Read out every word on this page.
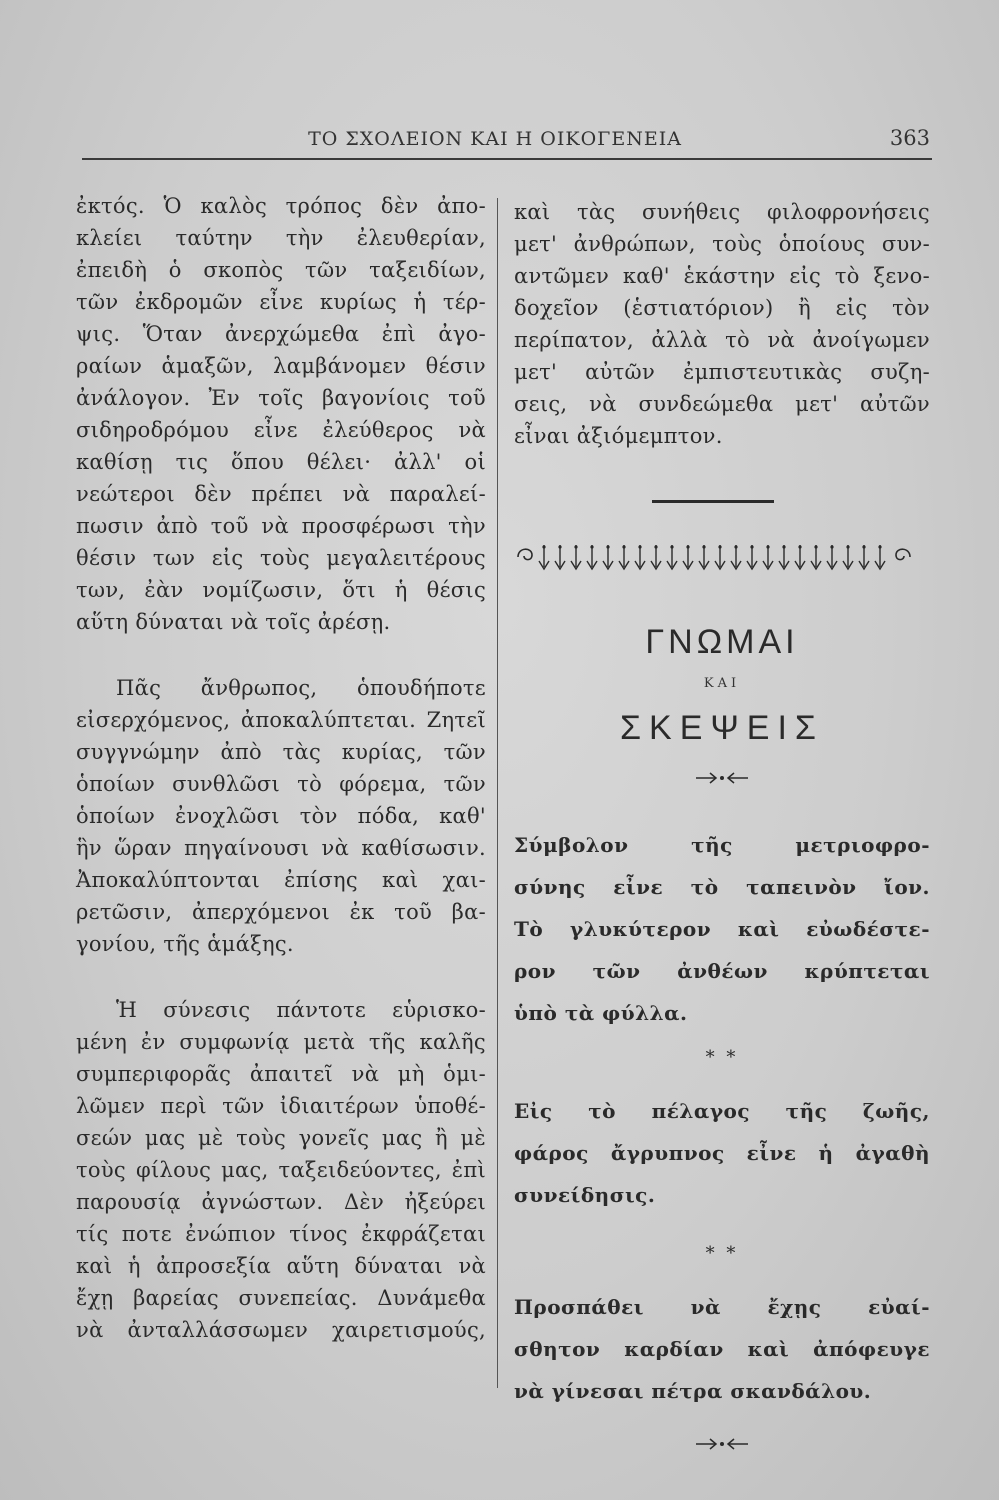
ΤΟ ΣΧΟΛΕΙΟΝ ΚΑΙ Η ΟΙΚΟΓΕΝΕΙΑ	363
ἐκτός. Ὁ καλὸς τρόπος δὲν ἀπο-
κλείει ταύτην τὴν ἐλευθερίαν,
ἐπειδὴ ὁ σκοπὸς τῶν ταξειδίων,
τῶν ἐκδρομῶν εἶνε κυρίως ἡ τέρ-
ψις. Ὅταν ἀνερχώμεθα ἐπὶ ἀγο-
ραίων ἁμαξῶν, λαμβάνομεν θέσιν
ἀνάλογον. Ἐν τοῖς βαγονίοις τοῦ
σιδηροδρόμου εἶνε ἐλεύθερος νὰ
καθίσῃ τις ὅπου θέλει· ἀλλ' οἱ
νεώτεροι δὲν πρέπει νὰ παραλεί-
πωσιν ἀπὸ τοῦ νὰ προσφέρωσι τὴν
θέσιν των εἰς τοὺς μεγαλειτέρους
των, ἐὰν νομίζωσιν, ὅτι ἡ θέσις
αὕτη δύναται νὰ τοῖς ἀρέσῃ.
Πᾶς ἄνθρωπος, ὁπουδήποτε
εἰσερχόμενος, ἀποκαλύπτεται. Ζητεῖ
συγγνώμην ἀπὸ τὰς κυρίας, τῶν
ὁποίων συνθλῶσι τὸ φόρεμα, τῶν
ὁποίων ἐνοχλῶσι τὸν πόδα, καθ'
ἣν ὥραν πηγαίνουσι νὰ καθίσωσιν.
Ἀποκαλύπτονται ἐπίσης καὶ χαι-
ρετῶσιν, ἀπερχόμενοι ἐκ τοῦ βα-
γονίου, τῆς ἁμάξης.
Ἡ σύνεσις πάντοτε εὑρισκο-
μένη ἐν συμφωνίᾳ μετὰ τῆς καλῆς
συμπεριφορᾶς ἀπαιτεῖ νὰ μὴ ὁμι-
λῶμεν περὶ τῶν ἰδιαιτέρων ὑποθέ-
σεών μας μὲ τοὺς γονεῖς μας ἢ μὲ
τοὺς φίλους μας, ταξειδεύοντες, ἐπὶ
παρουσίᾳ ἀγνώστων. Δὲν ἠξεύρει
τίς ποτε ἐνώπιον τίνος ἐκφράζεται
καὶ ἡ ἀπροσεξία αὕτη δύναται νὰ
ἔχῃ βαρείας συνεπείας. Δυνάμεθα
νὰ ἀνταλλάσσωμεν χαιρετισμούς,
καὶ τὰς συνήθεις φιλοφρονήσεις
μετ' ἀνθρώπων, τοὺς ὁποίους συν-
αντῶμεν καθ' ἑκάστην εἰς τὸ ξενο-
δοχεῖον (ἑστιατόριον) ἢ εἰς τὸν
περίπατον, ἀλλὰ τὸ νὰ ἀνοίγωμεν
μετ' αὐτῶν ἐμπιστευτικὰς συζη-
σεις, νὰ συνδεώμεθα μετ' αὐτῶν
εἶναι ἀξιόμεμπτον.
ΓΝΩΜΑΙ
ΚΑΙ
ΣΚΕΨΕΙΣ
Σύμβολον τῆς μετριοφρο-
σύνης εἶνε τὸ ταπεινὸν ἴον.
Τὸ γλυκύτερον καὶ εὐωδέστε-
ρον τῶν ἀνθέων κρύπτεται
ὑπὸ τὰ φύλλα.
* *
Εἰς τὸ πέλαγος τῆς ζωῆς,
φάρος ἄγρυπνος εἶνε ἡ ἀγαθὴ
συνείδησις.
* *
Προσπάθει νὰ ἔχῃς εὐαί-
σθητον καρδίαν καὶ ἀπόφευγε
νὰ γίνεσαι πέτρα σκανδάλου.
